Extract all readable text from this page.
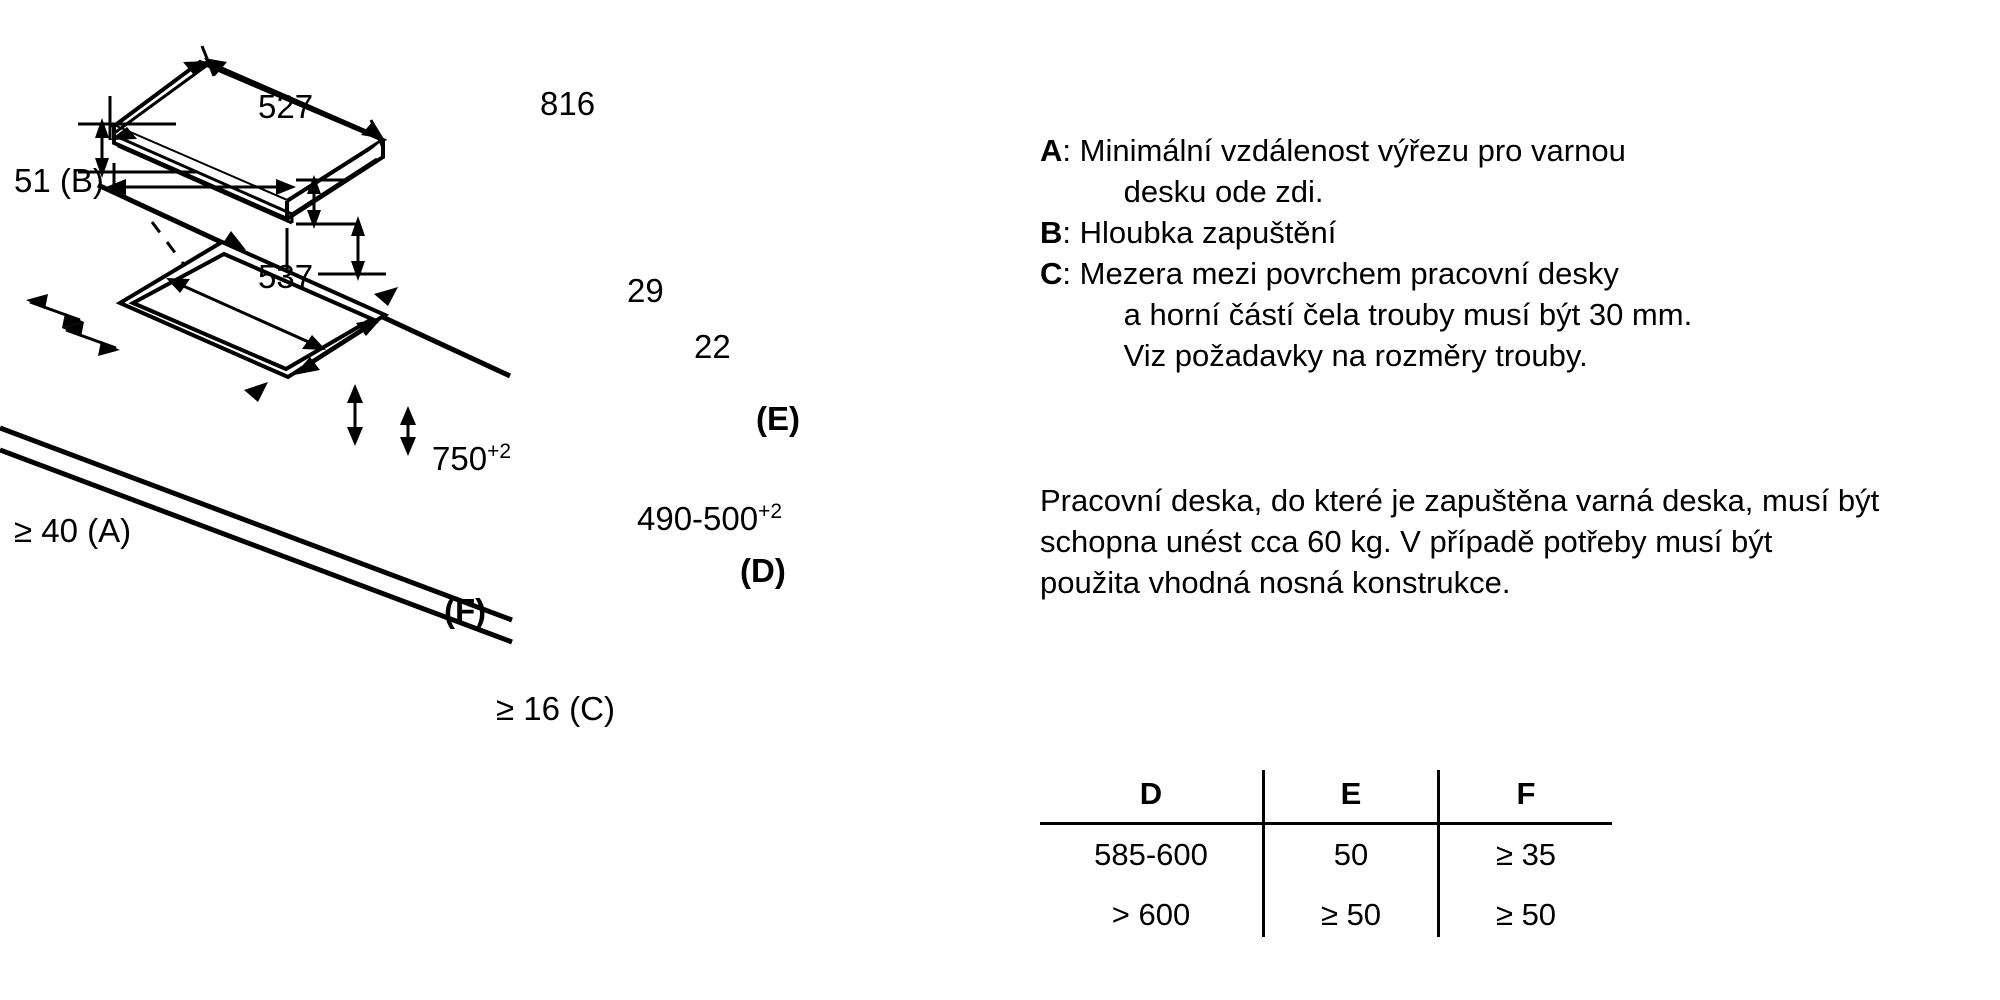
816
527
51 (B)
537	29
22
$750^{+2}$
$490-500^{+2}$
≥ 40 (A)
(E)
(D)
(F)
≥ 16 (C)
A : Minimální vzdálenost výřezu pro varnou
desku ode zdi.
B : Hloubka zapuštění
C : Mezera mezi povrchem pracovní desky
a horní částí čela trouby musí být 30 mm.
Viz požadavky na rozměry trouby.
Pracovní deska, do které je zapuštěna varná deska, musí být schopna unést cca 60 kg. V případě potřeby musí být použita vhodná nosná konstrukce.
D	E	F
585-600	50	≥ 35
> 600	≥ 50	≥ 50
